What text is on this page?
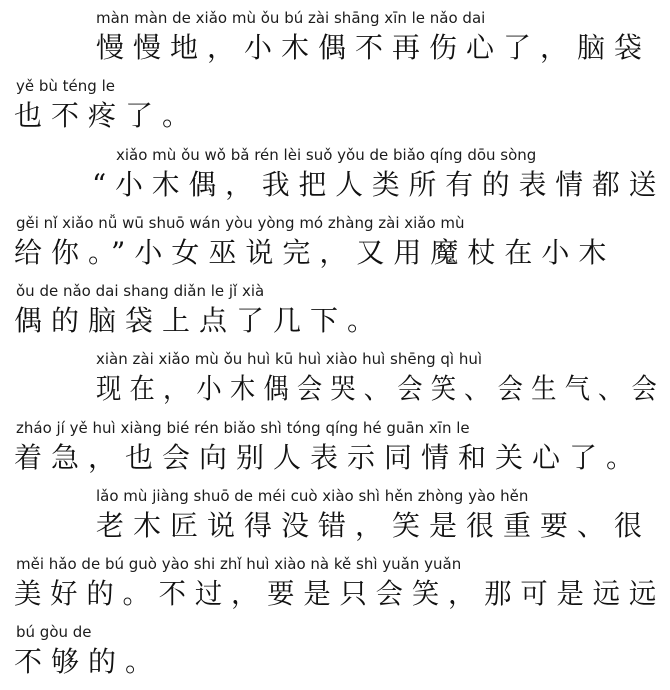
màn màn de xiǎo mù ǒu bú zài shāng xīn le nǎo dai
慢慢地，小木偶不再伤心了，脑袋
yě bù téng le
也不疼了。
xiǎo mù ǒu wǒ bǎ rén lèi suǒ yǒu de biǎo qíng dōu sòng
“小木偶，我把人类所有的表情都送
gěi nǐ xiǎo nǚ wū shuō wán yòu yòng mó zhàng zài xiǎo mù
给你。”小女巫说完，又用魔杖在小木
ǒu de nǎo dai shang diǎn le jǐ xià
偶的脑袋上点了几下。
xiàn zài xiǎo mù ǒu huì kū huì xiào huì shēng qì huì
现在，小木偶会哭、会笑、会生气、会
zháo jí yě huì xiàng bié rén biǎo shì tóng qíng hé guān xīn le
着急，也会向别人表示同情和关心了。
lǎo mù jiàng shuō de méi cuò xiào shì hěn zhòng yào hěn
老木匠说得没错，笑是很重要、很
měi hǎo de bú guò yào shi zhǐ huì xiào nà kě shì yuǎn yuǎn
美好的。不过，要是只会笑，那可是远远
bú gòu de
不够的。
